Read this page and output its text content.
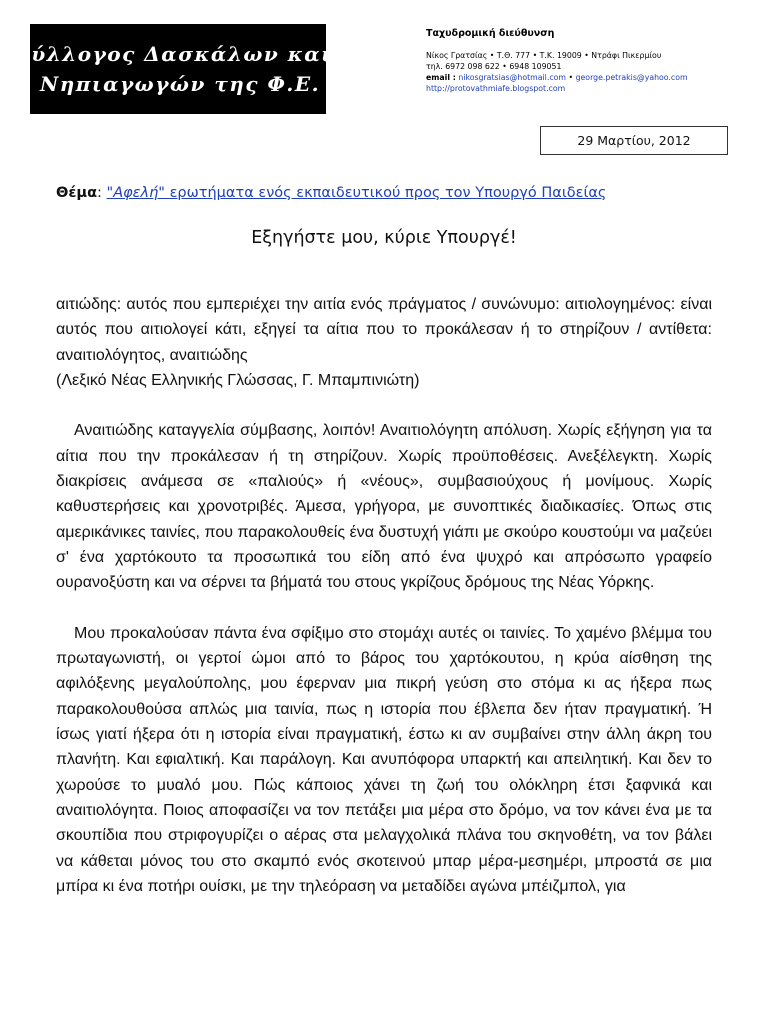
Σύλλογος Δασκάλων και
Νηπιαγωγών της Φ.Ε.
Ταχυδρομική διεύθυνση
Νίκος Γρατσίας • Τ.Θ. 777 • Τ.Κ. 19009 • Ντράφι Πικερμίου
τηλ. 6972 098 622 • 6948 109051
email : nikosgratsias@hotmail.com • george.petrakis@yahoo.com
http://protovathmiafe.blogspot.com
29 Μαρτίου, 2012
Θέμα: "Αφελή" ερωτήματα ενός εκπαιδευτικού προς τον Υπουργό Παιδείας
Εξηγήστε μου, κύριε Υπουργέ!

αιτιώδης: αυτός που εμπεριέχει την αιτία ενός πράγματος / συνώνυμο: αιτιολογημένος: είναι αυτός που αιτιολογεί κάτι, εξηγεί τα αίτια που το προκάλεσαν ή το στηρίζουν / αντίθετα: αναιτιολόγητος, αναιτιώδης
(Λεξικό Νέας Ελληνικής Γλώσσας, Γ. Μπαμπινιώτη)

Αναιτιώδης καταγγελία σύμβασης, λοιπόν! Αναιτιολόγητη απόλυση. Χωρίς εξήγηση για τα αίτια που την προκάλεσαν ή τη στηρίζουν. Χωρίς προϋποθέσεις. Ανεξέλεγκτη. Χωρίς διακρίσεις ανάμεσα σε «παλιούς» ή «νέους», συμβασιούχους ή μονίμους. Χωρίς καθυστερήσεις και χρονοτριβές. Άμεσα, γρήγορα, με συνοπτικές διαδικασίες. Όπως στις αμερικάνικες ταινίες, που παρακολουθείς ένα δυστυχή γιάπι με σκούρο κουστούμι να μαζεύει σ' ένα χαρτόκουτο τα προσωπικά του είδη από ένα ψυχρό και απρόσωπο γραφείο ουρανοξύστη και να σέρνει τα βήματά του στους γκρίζους δρόμους της Νέας Υόρκης.

Μου προκαλούσαν πάντα ένα σφίξιμο στο στομάχι αυτές οι ταινίες. Το χαμένο βλέμμα του πρωταγωνιστή, οι γερτοί ώμοι από το βάρος του χαρτόκουτου, η κρύα αίσθηση της αφιλόξενης μεγαλούπολης, μου έφερναν μια πικρή γεύση στο στόμα κι ας ήξερα πως παρακολουθούσα απλώς μια ταινία, πως η ιστορία που έβλεπα δεν ήταν πραγματική. Ή ίσως γιατί ήξερα ότι η ιστορία είναι πραγματική, έστω κι αν συμβαίνει στην άλλη άκρη του πλανήτη. Και εφιαλτική. Και παράλογη. Και ανυπόφορα υπαρκτή και απειλητική. Και δεν το χωρούσε το μυαλό μου. Πώς κάποιος χάνει τη ζωή του ολόκληρη έτσι ξαφνικά και αναιτιολόγητα. Ποιος αποφασίζει να τον πετάξει μια μέρα στο δρόμο, να τον κάνει ένα με τα σκουπίδια που στριφογυρίζει ο αέρας στα μελαγχολικά πλάνα του σκηνοθέτη, να τον βάλει να κάθεται μόνος του στο σκαμπό ενός σκοτεινού μπαρ μέρα-μεσημέρι, μπροστά σε μια μπίρα κι ένα ποτήρι ουίσκι, με την τηλεόραση να μεταδίδει αγώνα μπέιζμπολ, για
